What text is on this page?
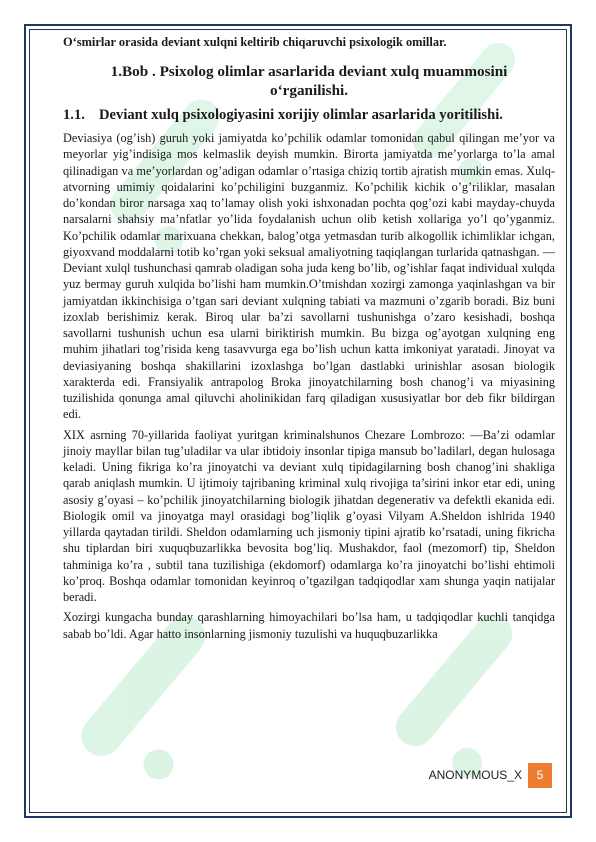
O‘smirlar orasida deviant xulqni keltirib chiqaruvchi psixologik omillar.
1.Bob . Psixolog olimlar asarlarida deviant xulq muammosini o‘rganilishi.
1.1. Deviant xulq psixologiyasini xorijiy olimlar asarlarida yoritilishi.

Deviasiya (og’ish) guruh yoki jamiyatda ko’pchilik odamlar tomonidan qabul qilingan me’yor va meyorlar yig’indisiga mos kelmaslik deyish mumkin. Birorta jamiyatda me’yorlarga to’la amal qilinadigan va me’yorlardan og’adigan odamlar o’rtasiga chiziq tortib ajratish mumkin emas. Xulq-atvorning umimiy qoidalarini ko’pchiligini buzganmiz. Ko’pchilik kichik o’g’riliklar, masalan do’kondan biror narsaga xaq to’lamay olish yoki ishxonadan pochta qog’ozi kabi mayday-chuyda narsalarni shahsiy ma’nfatlar yo’lida foydalanish uchun olib ketish xollariga yo’l qo’yganmiz. Ko’pchilik odamlar marixuana chekkan, balog’otga yetmasdan turib alkogollik ichimliklar ichgan, giyoxvand moddalarni totib ko’rgan yoki seksual amaliyotning taqiqlangan turlarida qatnashgan. — Deviant xulql tushunchasi qamrab oladigan soha juda keng bo’lib, og’ishlar faqat individual xulqda yuz bermay guruh xulqida bo’lishi ham mumkin.O’tmishdan xozirgi zamonga yaqinlashgan va bir jamiyatdan ikkinchisiga o’tgan sari deviant xulqning tabiati va mazmuni o’zgarib boradi. Biz buni izoxlab berishimiz kerak. Biroq ular ba’zi savollarni tushunishga o’zaro kesishadi, boshqa savollarni tushunish uchun esa ularni biriktirish mumkin. Bu bizga og’ayotgan xulqning eng muhim jihatlari tog’risida keng tasavvurga ega bo’lish uchun katta imkoniyat yaratadi. Jinoyat va deviasiyaning boshqa shakillarini izoxlashga bo’lgan dastlabki urinishlar asosan biologik xarakterda edi. Fransiyalik antrapolog Broka jinoyatchilarning bosh chanog’i va miyasining tuzilishida qonunga amal qiluvchi aholinikidan farq qiladigan xususiyatlar bor deb fikr bildirgan edi.

XIX asrning 70-yillarida faoliyat yuritgan kriminalshunos Chezare Lombrozo: —Ba’zi odamlar jinoiy mayllar bilan tug’uladilar va ular ibtidoiy insonlar tipiga mansub bo’ladilarl, degan hulosaga keladi. Uning fikriga ko’ra jinoyatchi va deviant xulq tipidagilarning bosh chanog’ini shakliga qarab aniqlash mumkin. U ijtimoiy tajribaning kriminal xulq rivojiga ta’sirini inkor etar edi, uning asosiy g’oyasi – ko’pchilik jinoyatchilarning biologik jihatdan degenerativ va defektli ekanida edi. Biologik omil va jinoyatga mayl orasidagi bog’liqlik g’oyasi Vilyam A.Sheldon ishlrida 1940 yillarda qaytadan tirildi. Sheldon odamlarning uch jismoniy tipini ajratib ko’rsatadi, uning fikricha shu tiplardan biri xuquqbuzarlikka bevosita bog’liq. Mushakdor, faol (mezomorf) tip, Sheldon tahminiga ko’ra , subtil tana tuzilishiga (ekdomorf) odamlarga ko’ra jinoyatchi bo’lishi ehtimoli ko’proq. Boshqa odamlar tomonidan keyinroq o’tgazilgan tadqiqodlar xam shunga yaqin natijalar beradi.

Xozirgi kungacha bunday qarashlarning himoyachilari bo’lsa ham, u tadqiqodlar kuchli tanqidga sabab bo’ldi. Agar hatto insonlarning jismoniy tuzulishi va huquqbuzarlikka

ANONYMOUS_X	5
